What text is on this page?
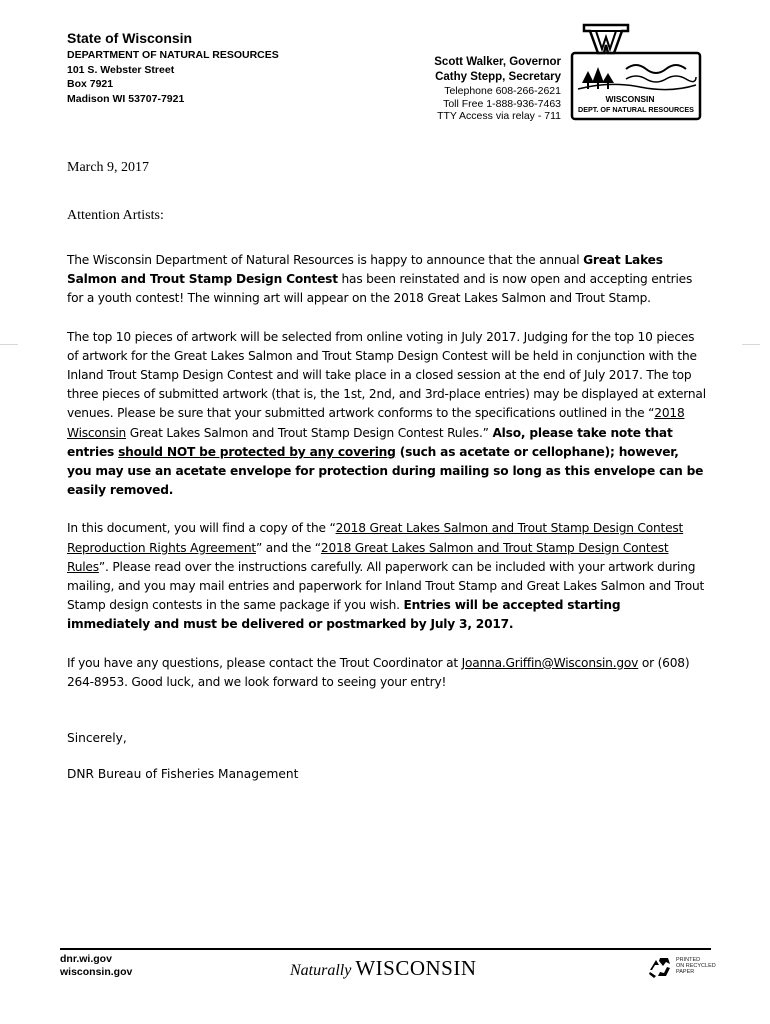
State of Wisconsin
DEPARTMENT OF NATURAL RESOURCES
101 S. Webster Street
Box 7921
Madison WI 53707-7921
Scott Walker, Governor
Cathy Stepp, Secretary
Telephone 608-266-2621
Toll Free 1-888-936-7463
TTY Access via relay - 711
WISCONSIN
DEPT. OF NATURAL RESOURCES
March 9, 2017
Attention Artists:

The Wisconsin Department of Natural Resources is happy to announce that the annual Great Lakes Salmon and Trout Stamp Design Contest has been reinstated and is now open and accepting entries for a youth contest! The winning art will appear on the 2018 Great Lakes Salmon and Trout Stamp.

The top 10 pieces of artwork will be selected from online voting in July 2017. Judging for the top 10 pieces of artwork for the Great Lakes Salmon and Trout Stamp Design Contest will be held in conjunction with the Inland Trout Stamp Design Contest and will take place in a closed session at the end of July 2017. The top three pieces of submitted artwork (that is, the 1st, 2nd, and 3rd-place entries) may be displayed at external venues. Please be sure that your submitted artwork conforms to the specifications outlined in the “2018 Wisconsin Great Lakes Salmon and Trout Stamp Design Contest Rules.” Also, please take note that entries should NOT be protected by any covering (such as acetate or cellophane); however, you may use an acetate envelope for protection during mailing so long as this envelope can be easily removed.

In this document, you will find a copy of the “2018 Great Lakes Salmon and Trout Stamp Design Contest Reproduction Rights Agreement” and the “2018 Great Lakes Salmon and Trout Stamp Design Contest Rules”. Please read over the instructions carefully. All paperwork can be included with your artwork during mailing, and you may mail entries and paperwork for Inland Trout Stamp and Great Lakes Salmon and Trout Stamp design contests in the same package if you wish. Entries will be accepted starting immediately and must be delivered or postmarked by July 3, 2017.

If you have any questions, please contact the Trout Coordinator at Joanna.Griffin@Wisconsin.gov or (608) 264-8953. Good luck, and we look forward to seeing your entry!

Sincerely,
DNR Bureau of Fisheries Management
dnr.wi.gov
wisconsin.gov	Naturally WISCONSIN	PRINTED
ON RECYCLED
PAPER
